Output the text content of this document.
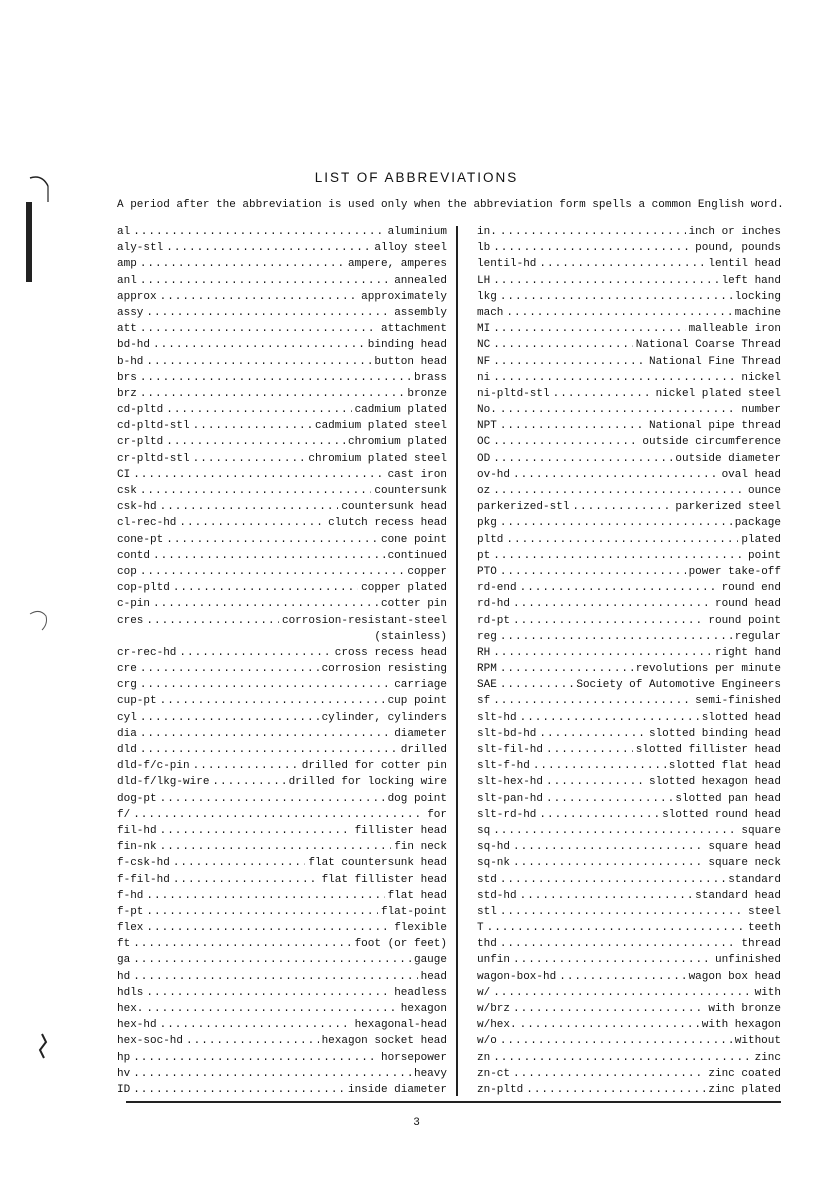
LIST OF ABBREVIATIONS
A period after the abbreviation is used only when the abbreviation form spells a common English word.
al .....	aluminium
aly-stl .....	alloy steel
amp .....	ampere, amperes
anl .....	annealed
approx .....	approximately
assy .....	assembly
att .....	attachment
bd-hd .....	binding head
b-hd .....	button head
brs .....	brass
brz .....	bronze
cd-pltd .....	cadmium plated
cd-pltd-stl .....	cadmium plated steel
cr-pltd .....	chromium plated
cr-pltd-stl .....	chromium plated steel
CI .....	cast iron
csk .....	countersunk
csk-hd .....	countersunk head
cl-rec-hd .....	clutch recess head
cone-pt .....	cone point
contd .....	continued
cop .....	copper
cop-pltd .....	copper plated
c-pin .....	cotter pin
cres .....	corrosion-resistant-steel
(stainless)
cr-rec-hd .....	cross recess head
cre .....	corrosion resisting
crg .....	carriage
cup-pt .....	cup point
cyl .....	cylinder, cylinders
dia .....	diameter
dld .....	drilled
dld-f/c-pin .....	drilled for cotter pin
dld-f/lkg-wire .....	drilled for locking wire
dog-pt .....	dog point
f/ .....	for
fil-hd .....	fillister head
fin-nk .....	fin neck
f-csk-hd .....	flat countersunk head
f-fil-hd .....	flat fillister head
f-hd .....	flat head
f-pt .....	flat-point
flex .....	flexible
ft .....	foot (or feet)
ga .....	gauge
hd .....	head
hdls .....	headless
hex. .....	hexagon
hex-hd .....	hexagonal-head
hex-soc-hd .....	hexagon socket head
hp .....	horsepower
hv .....	heavy
ID .....	inside diameter
in. .....	inch or inches
lb .....	pound, pounds
lentil-hd .....	lentil head
LH .....	left hand
lkg .....	locking
mach .....	machine
MI .....	malleable iron
NC .....	National Coarse Thread
NF .....	National Fine Thread
ni .....	nickel
ni-pltd-stl .....	nickel plated steel
No. .....	number
NPT .....	National pipe thread
OC .....	outside circumference
OD .....	outside diameter
ov-hd .....	oval head
oz .....	ounce
parkerized-stl .....	parkerized steel
pkg .....	package
pltd .....	plated
pt .....	point
PTO .....	power take-off
rd-end .....	round end
rd-hd .....	round head
rd-pt .....	round point
reg .....	regular
RH .....	right hand
RPM .....	revolutions per minute
SAE .....	Society of Automotive Engineers
sf .....	semi-finished
slt-hd .....	slotted head
slt-bd-hd .....	slotted binding head
slt-fil-hd .....	slotted fillister head
slt-f-hd .....	slotted flat head
slt-hex-hd .....	slotted hexagon head
slt-pan-hd .....	slotted pan head
slt-rd-hd .....	slotted round head
sq .....	square
sq-hd .....	square head
sq-nk .....	square neck
std .....	standard
std-hd .....	standard head
stl .....	steel
T .....	teeth
thd .....	thread
unfin .....	unfinished
wagon-box-hd .....	wagon box head
w/ .....	with
w/brz .....	with bronze
w/hex. .....	with hexagon
w/o .....	without
zn .....	zinc
zn-ct .....	zinc coated
zn-pltd .....	zinc plated
3
